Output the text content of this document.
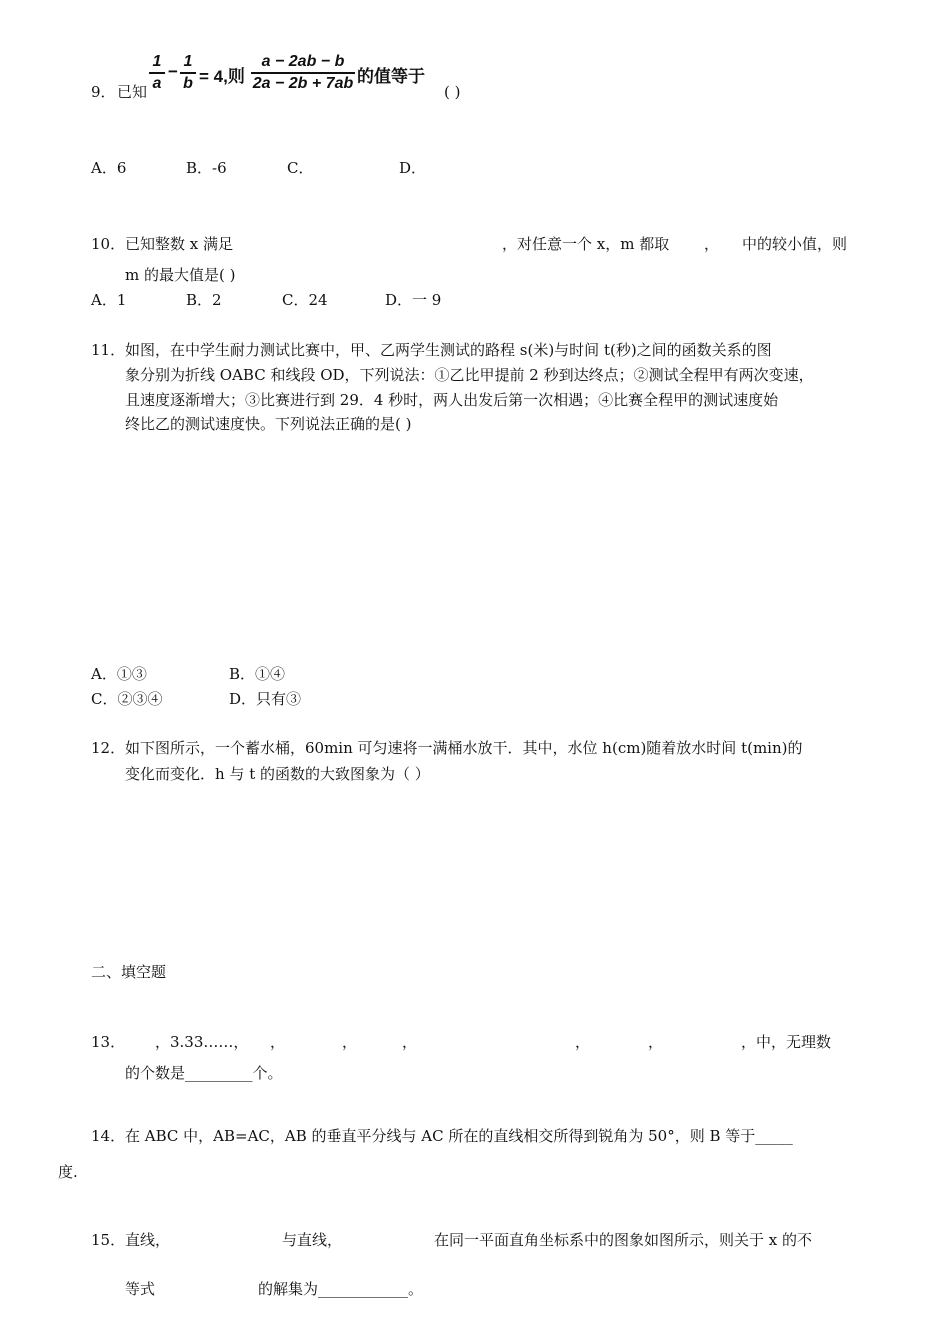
9． 已知 $\frac{1}{a} - \frac{1}{b} = 4$,则 $\frac{a - 2ab - b}{2a - 2b + 7ab}$ 的值等于
( )
A．6	B．-6	C．	D．
10． 已知整数 x 满足	，对任意一个 x，m 都取 ， 中的较小值，则
m 的最大值是( )
A．1	B．2	C．24	D．一 9
11． 如图，在中学生耐力测试比赛中，甲、乙两学生测试的路程 s(米)与时间 t(秒)之间的函数关系的图
象分别为折线 OABC 和线段 OD，下列说法：①乙比甲提前 2 秒到达终点；②测试全程甲有两次变速，
且速度逐渐增大；③比赛进行到 29．4 秒时，两人出发后第一次相遇；④比赛全程甲的测试速度始
终比乙的测试速度快。下列说法正确的是( )
A．①③	B．①④
C．②③④	D．只有③
12． 如下图所示，一个蓄水桶，60min 可匀速将一满桶水放干．其中，水位 h(cm)随着放水时间 t(min)的
变化而变化．h 与 t 的函数的大致图象为（ ）
二、填空题
13． ，3.33……， ，	，	，	，	，	，中，无理数
的个数是_________个。
14． 在 ABC 中，AB=AC，AB 的垂直平分线与 AC 所在的直线相交所得到锐角为 50°，则 B 等于_____
度.
15． 直线，	与直线，	在同一平面直角坐标系中的图象如图所示，则关于 x 的不
等式	的解集为____________。
